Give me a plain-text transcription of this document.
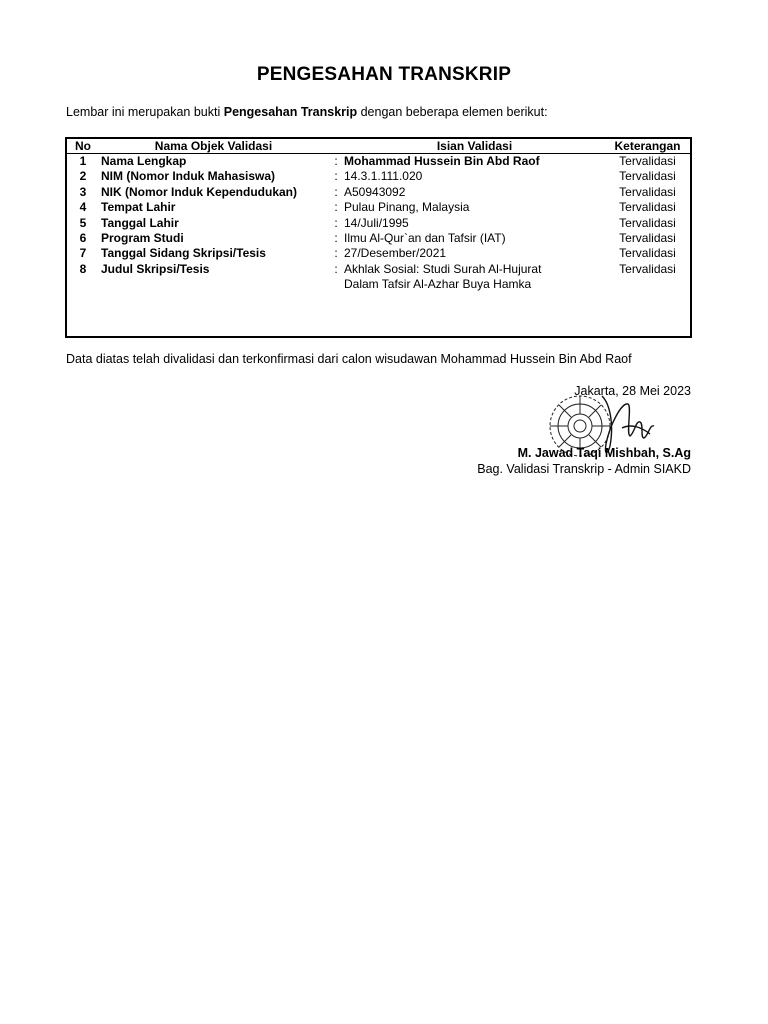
PENGESAHAN TRANSKRIP
Lembar ini merupakan bukti Pengesahan Transkrip dengan beberapa elemen berikut:
No	Nama Objek Validasi		Isian Validasi	Keterangan
1	Nama Lengkap	:	Mohammad Hussein Bin Abd Raof	Tervalidasi
2	NIM (Nomor Induk Mahasiswa)	:	14.3.1.111.020	Tervalidasi
3	NIK (Nomor Induk Kependudukan)	:	A50943092	Tervalidasi
4	Tempat Lahir	:	Pulau Pinang, Malaysia	Tervalidasi
5	Tanggal Lahir	:	14/Juli/1995	Tervalidasi
6	Program Studi	:	Ilmu Al-Qur`an dan Tafsir (IAT)	Tervalidasi
7	Tanggal Sidang Skripsi/Tesis	:	27/Desember/2021	Tervalidasi
8	Judul Skripsi/Tesis	:	Akhlak Sosial: Studi Surah Al-Hujurat
Dalam Tafsir Al-Azhar Buya Hamka	Tervalidasi
Data diatas telah divalidasi dan terkonfirmasi dari calon wisudawan Mohammad Hussein Bin Abd Raof
Jakarta, 28 Mei 2023
M. Jawad Taqi Mishbah, S.Ag
Bag. Validasi Transkrip - Admin SIAKD
